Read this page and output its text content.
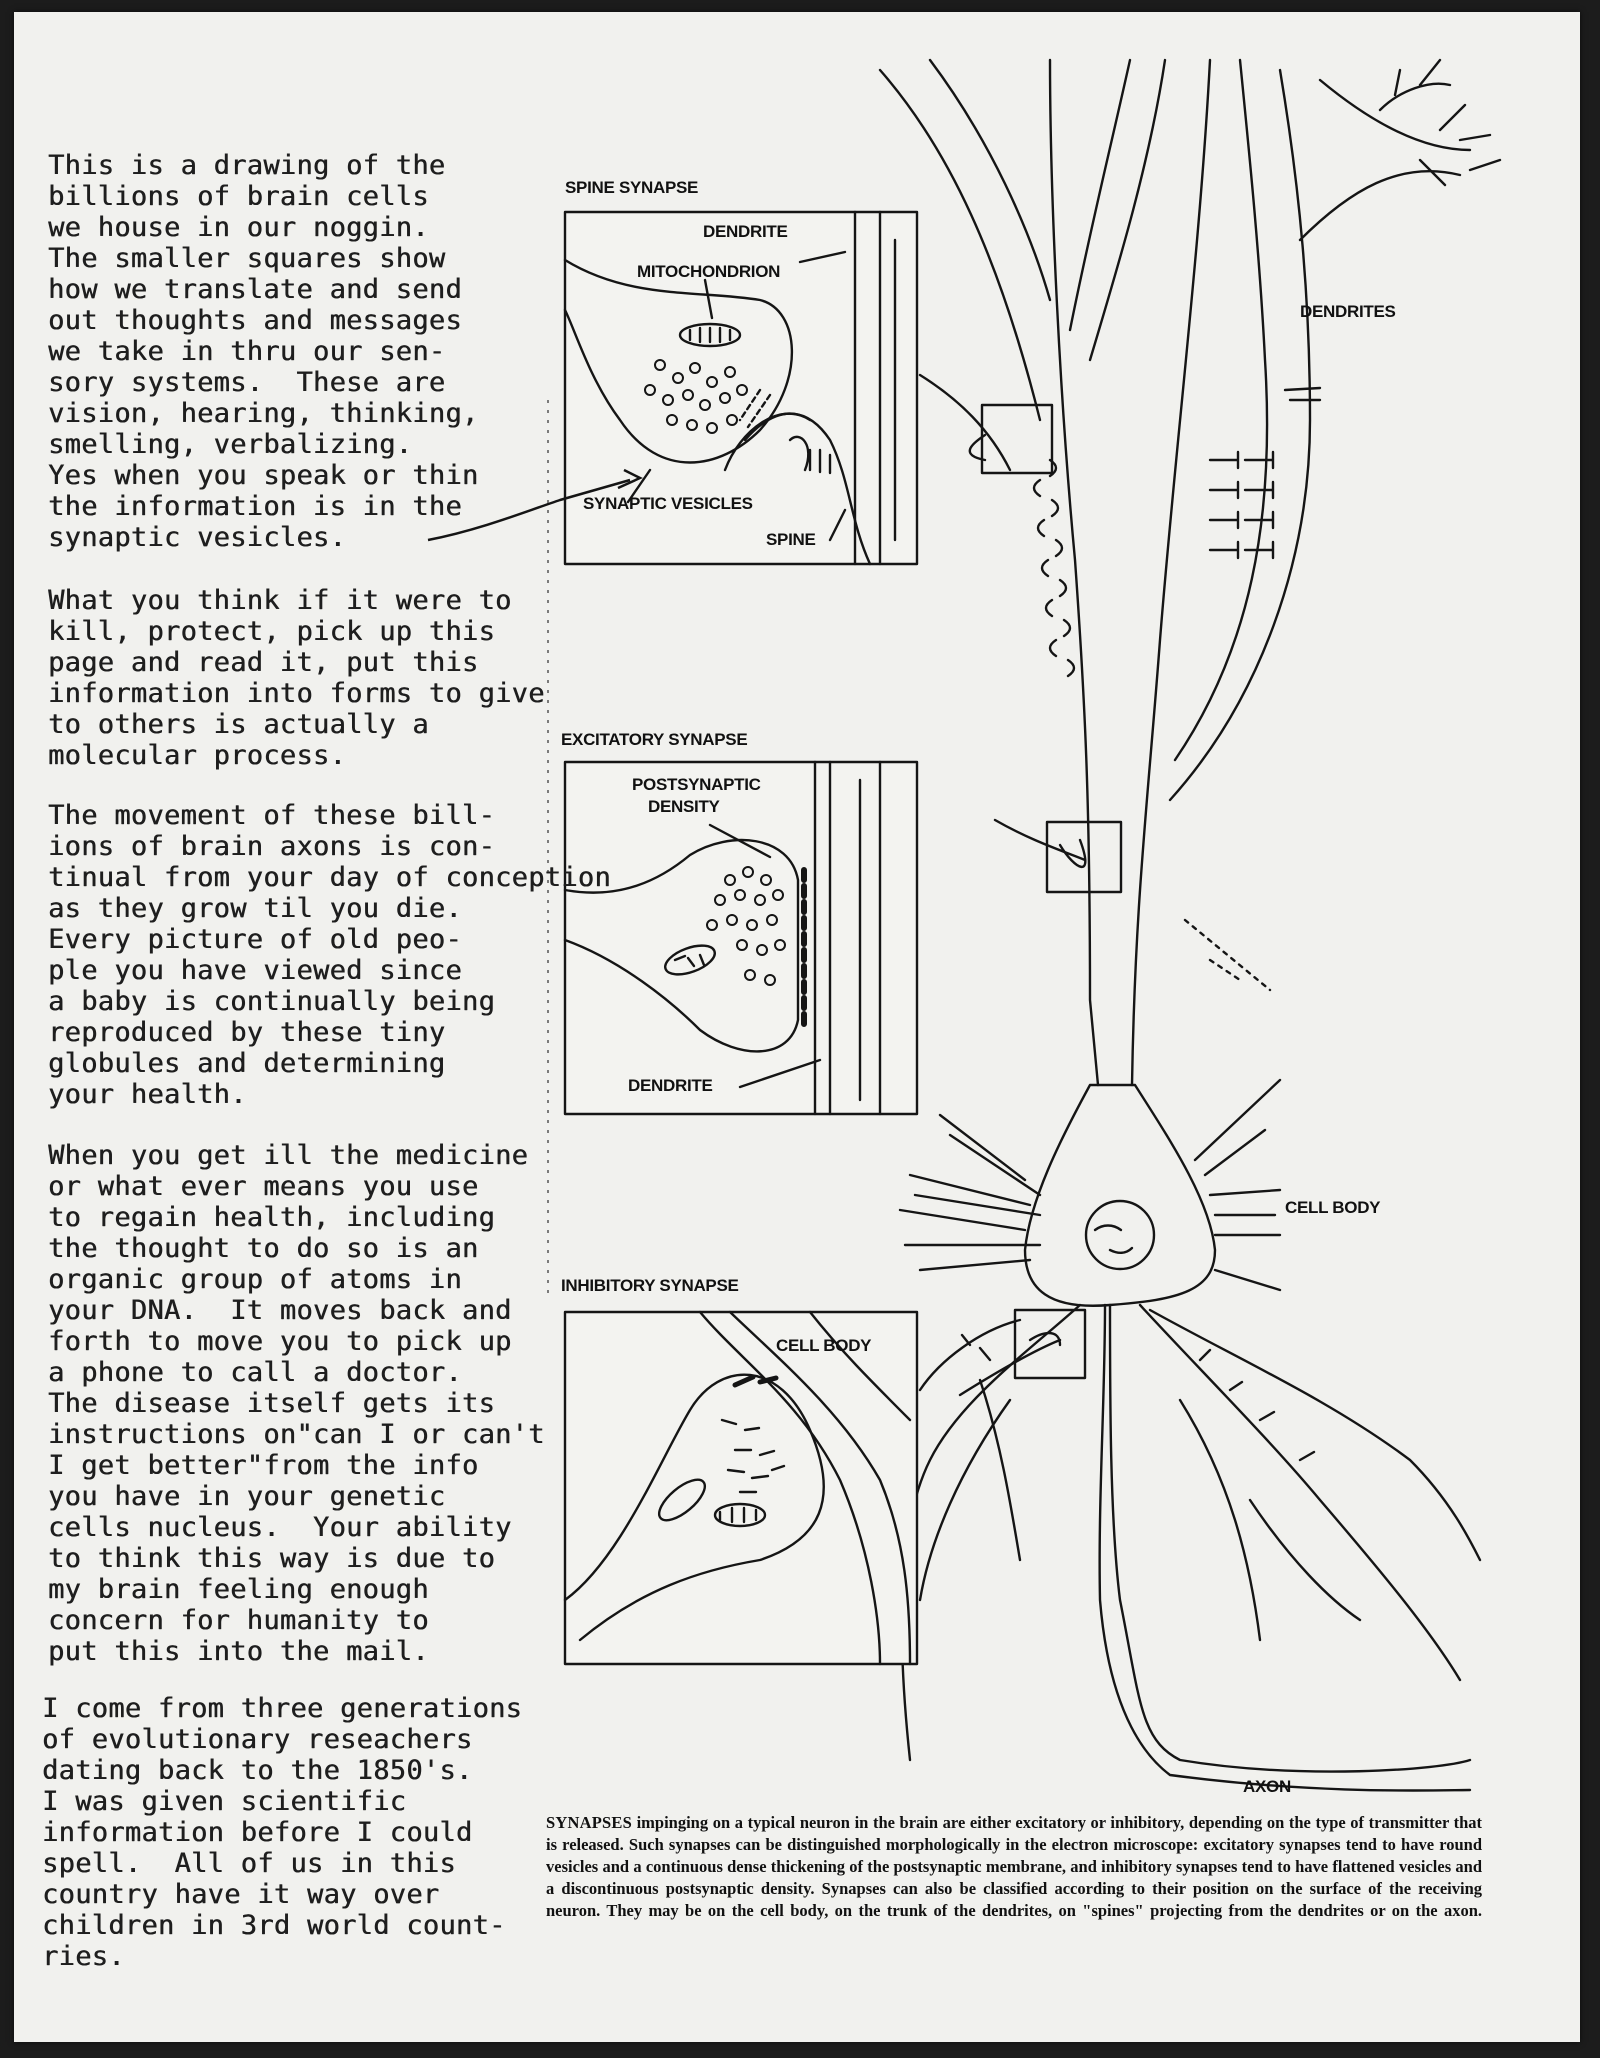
SPINE SYNAPSE
DENDRITE
MITOCHONDRION
SYNAPTIC VESICLES
SPINE
EXCITATORY SYNAPSE
POSTSYNAPTIC
DENSITY
DENDRITE
INHIBITORY SYNAPSE
CELL BODY
DENDRITES
CELL BODY
AXON
This is a drawing of the
billions of brain cells
we house in our noggin.
The smaller squares show
how we translate and send
out thoughts and messages
we take in thru our sen-
sory systems.  These are
vision, hearing, thinking,
smelling, verbalizing.
Yes when you speak or thin
the information is in the
synaptic vesicles.
What you think if it were to
kill, protect, pick up this
page and read it, put this
information into forms to give
to others is actually a
molecular process.
The movement of these bill-
ions of brain axons is con-
tinual from your day of conception
as they grow til you die.
Every picture of old peo-
ple you have viewed since
a baby is continually being
reproduced by these tiny
globules and determining
your health.
When you get ill the medicine
or what ever means you use
to regain health, including
the thought to do so is an
organic group of atoms in
your DNA.  It moves back and
forth to move you to pick up
a phone to call a doctor.
The disease itself gets its
instructions on"can I or can't
I get better"from the info
you have in your genetic
cells nucleus.  Your ability
to think this way is due to
my brain feeling enough
concern for humanity to
put this into the mail.
I come from three generations
of evolutionary reseachers
dating back to the 1850's.
I was given scientific
information before I could
spell.  All of us in this
country have it way over
children in 3rd world count-
ries.
SYNAPSES impinging on a typical neuron in the brain are either excitatory or inhibitory, depending on the type of transmitter that is released. Such synapses can be distinguished morphologically in the electron microscope: excitatory synapses tend to have round vesicles and a continuous dense thickening of the postsynaptic membrane, and inhibitory synapses tend to have flattened vesicles and a discontinuous postsynaptic density. Synapses can also be classified according to their position on the surface of the receiving neuron. They may be on the cell body, on the trunk of the dendrites, on "spines" projecting from the dendrites or on the axon.
